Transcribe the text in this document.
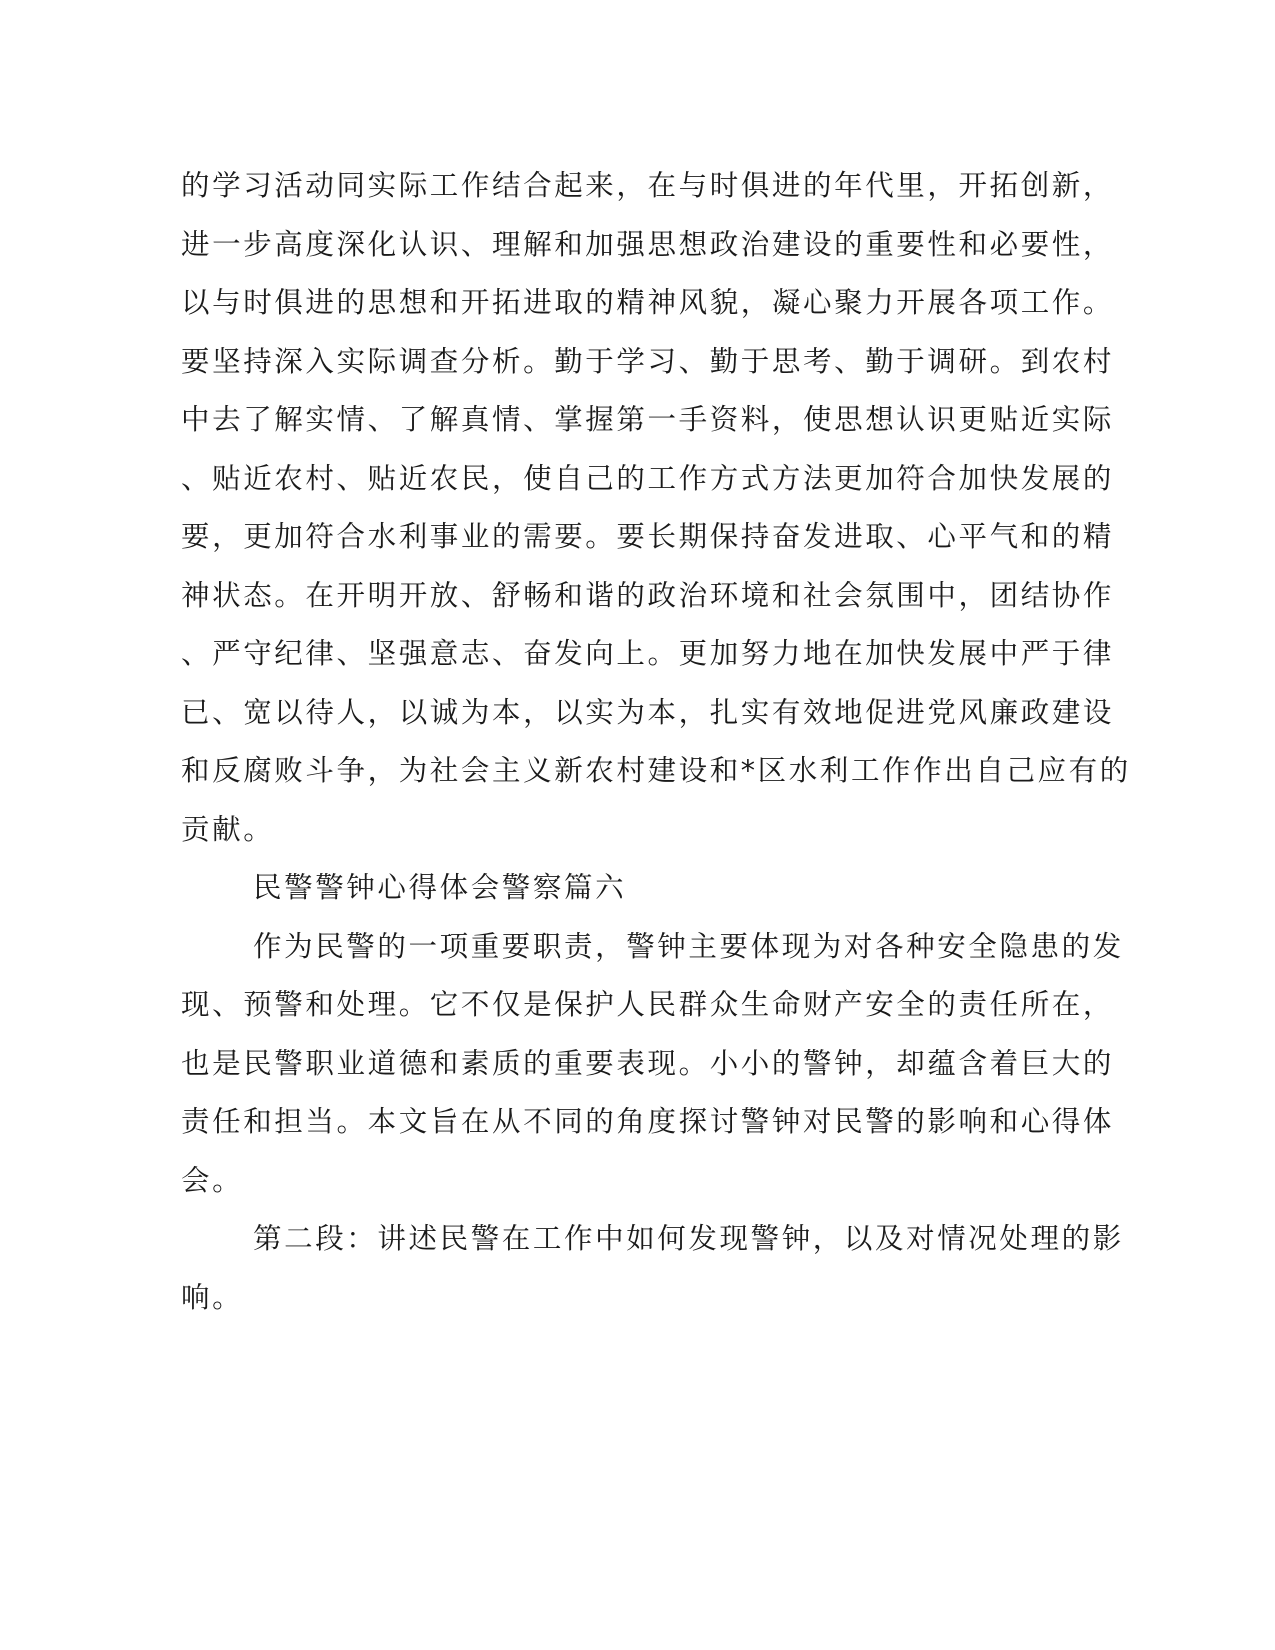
的学习活动同实际工作结合起来，在与时俱进的年代里，开拓创新，
进一步高度深化认识、理解和加强思想政治建设的重要性和必要性，
以与时俱进的思想和开拓进取的精神风貌，凝心聚力开展各项工作。
要坚持深入实际调查分析。勤于学习、勤于思考、勤于调研。到农村
中去了解实情、了解真情、掌握第一手资料，使思想认识更贴近实际
、贴近农村、贴近农民，使自己的工作方式方法更加符合加快发展的
要，更加符合水利事业的需要。要长期保持奋发进取、心平气和的精
神状态。在开明开放、舒畅和谐的政治环境和社会氛围中，团结协作
、严守纪律、坚强意志、奋发向上。更加努力地在加快发展中严于律
已、宽以待人，以诚为本，以实为本，扎实有效地促进党风廉政建设
和反腐败斗争，为社会主义新农村建设和*区水利工作作出自己应有的
贡献。
民警警钟心得体会警察篇六
作为民警的一项重要职责，警钟主要体现为对各种安全隐患的发
现、预警和处理。它不仅是保护人民群众生命财产安全的责任所在，
也是民警职业道德和素质的重要表现。小小的警钟，却蕴含着巨大的
责任和担当。本文旨在从不同的角度探讨警钟对民警的影响和心得体
会。
第二段：讲述民警在工作中如何发现警钟，以及对情况处理的影
响。
